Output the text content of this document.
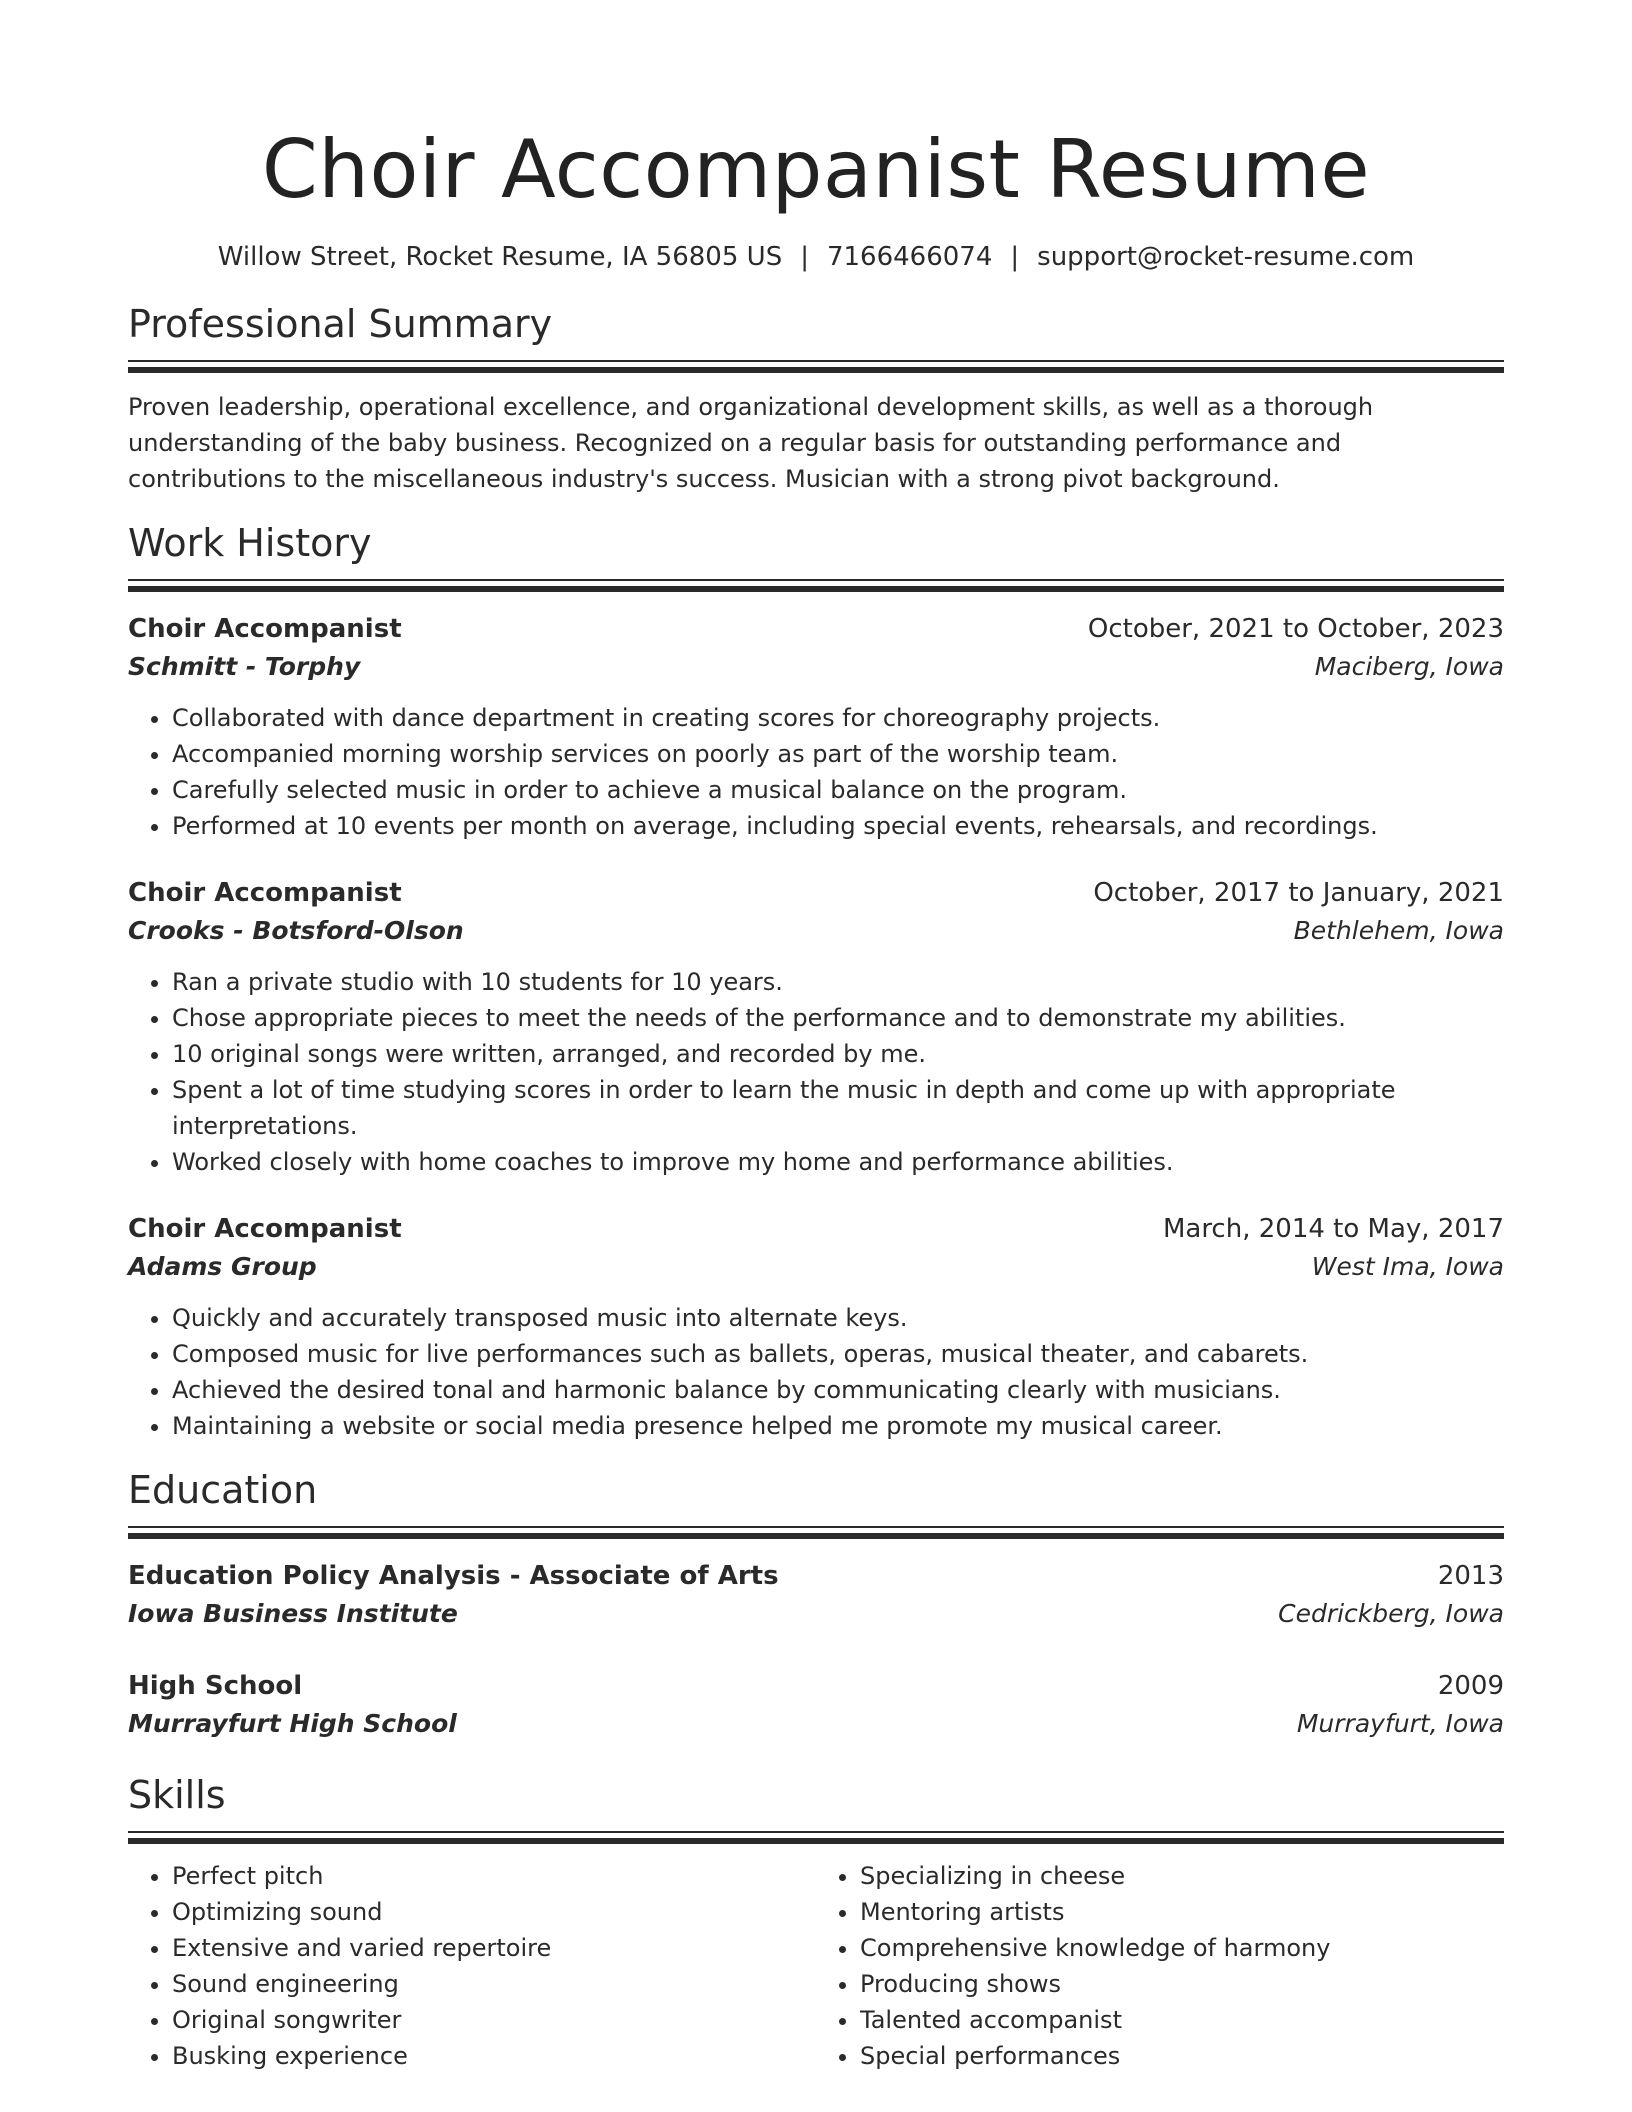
Choir Accompanist Resume
Willow Street, Rocket Resume, IA 56805 US | 7166466074 | support@rocket-resume.com
Professional Summary
Proven leadership, operational excellence, and organizational development skills, as well as a thorough understanding of the baby business. Recognized on a regular basis for outstanding performance and contributions to the miscellaneous industry's success. Musician with a strong pivot background.
Work History
Choir Accompanist	October, 2021 to October, 2023
Schmitt - Torphy	Maciberg, Iowa
• Collaborated with dance department in creating scores for choreography projects.
• Accompanied morning worship services on poorly as part of the worship team.
• Carefully selected music in order to achieve a musical balance on the program.
• Performed at 10 events per month on average, including special events, rehearsals, and recordings.
Choir Accompanist	October, 2017 to January, 2021
Crooks - Botsford-Olson	Bethlehem, Iowa
• Ran a private studio with 10 students for 10 years.
• Chose appropriate pieces to meet the needs of the performance and to demonstrate my abilities.
• 10 original songs were written, arranged, and recorded by me.
• Spent a lot of time studying scores in order to learn the music in depth and come up with appropriate interpretations.
• Worked closely with home coaches to improve my home and performance abilities.
Choir Accompanist	March, 2014 to May, 2017
Adams Group	West Ima, Iowa
• Quickly and accurately transposed music into alternate keys.
• Composed music for live performances such as ballets, operas, musical theater, and cabarets.
• Achieved the desired tonal and harmonic balance by communicating clearly with musicians.
• Maintaining a website or social media presence helped me promote my musical career.
Education
Education Policy Analysis - Associate of Arts	2013
Iowa Business Institute	Cedrickberg, Iowa
High School	2009
Murrayfurt High School	Murrayfurt, Iowa
Skills
• Perfect pitch
• Optimizing sound
• Extensive and varied repertoire
• Sound engineering
• Original songwriter
• Busking experience
• Specializing in cheese
• Mentoring artists
• Comprehensive knowledge of harmony
• Producing shows
• Talented accompanist
• Special performances
